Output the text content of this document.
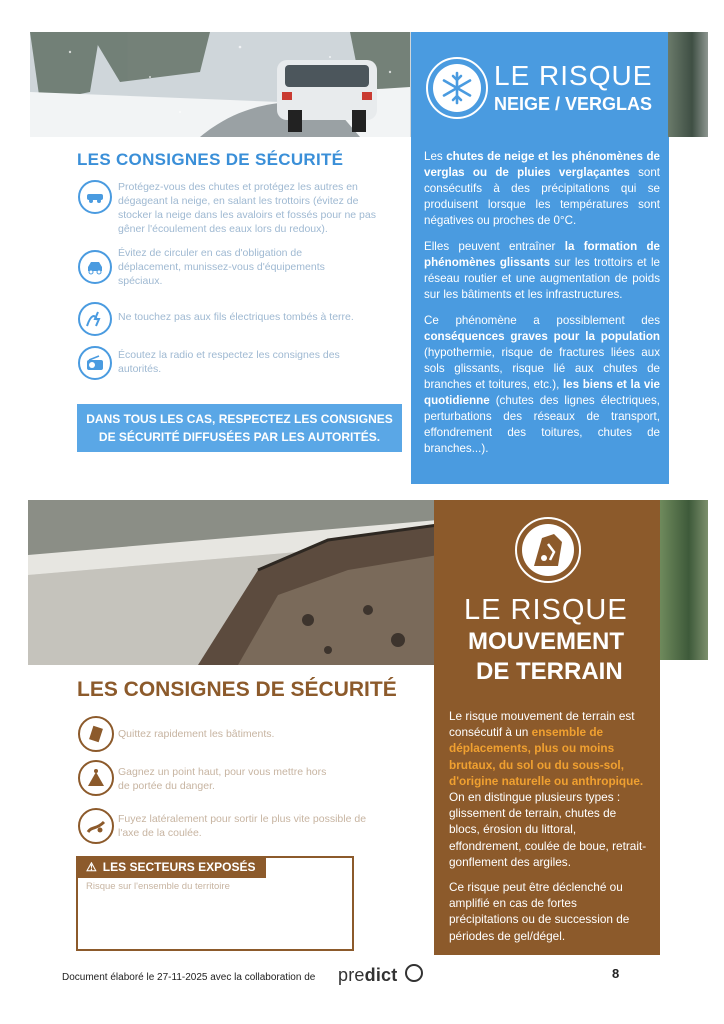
LE RISQUE
NEIGE / VERGLAS

Les chutes de neige et les phénomènes de verglas ou de pluies verglaçantes sont consécutifs à des précipitations qui se produisent lorsque les températures sont négatives ou proches de 0°C.

Elles peuvent entraîner la formation de phénomènes glissants sur les trottoirs et le réseau routier et une augmentation de poids sur les bâtiments et les infrastructures.

Ce phénomène a possiblement des conséquences graves pour la population (hypothermie, risque de fractures liées aux sols glissants, risque lié aux chutes de branches et toitures, etc.), les biens et la vie quotidienne (chutes des lignes électriques, perturbations des réseaux de transport, effondrement des toitures, chutes de branches...).

LES CONSIGNES DE SÉCURITÉ
Protégez-vous des chutes et protégez les autres en dégageant la neige, en salant les trottoirs (évitez de stocker la neige dans les avaloirs et fossés pour ne pas gêner l'écoulement des eaux lors du redoux).
Évitez de circuler en cas d'obligation de déplacement, munissez-vous d'équipements spéciaux.
Ne touchez pas aux fils électriques tombés à terre.
Écoutez la radio et respectez les consignes des autorités.
DANS TOUS LES CAS, RESPECTEZ LES CONSIGNES DE SÉCURITÉ DIFFUSÉES PAR LES AUTORITÉS.
LE RISQUE
MOUVEMENT
DE TERRAIN

Le risque mouvement de terrain est consécutif à un ensemble de déplacements, plus ou moins brutaux, du sol ou du sous-sol, d'origine naturelle ou anthropique. On en distingue plusieurs types : glissement de terrain, chutes de blocs, érosion du littoral, effondrement, coulée de boue, retrait-gonflement des argiles.

Ce risque peut être déclenché ou amplifié en cas de fortes précipitations ou de succession de périodes de gel/dégel.

LES CONSIGNES DE SÉCURITÉ
Quittez rapidement les bâtiments.
Gagnez un point haut, pour vous mettre hors de portée du danger.
Fuyez latéralement pour sortir le plus vite possible de l'axe de la coulée.
⚠ LES SECTEURS EXPOSÉS
Risque sur l'ensemble du territoire
Document élaboré le 27-11-2025 avec la collaboration de predict	8
